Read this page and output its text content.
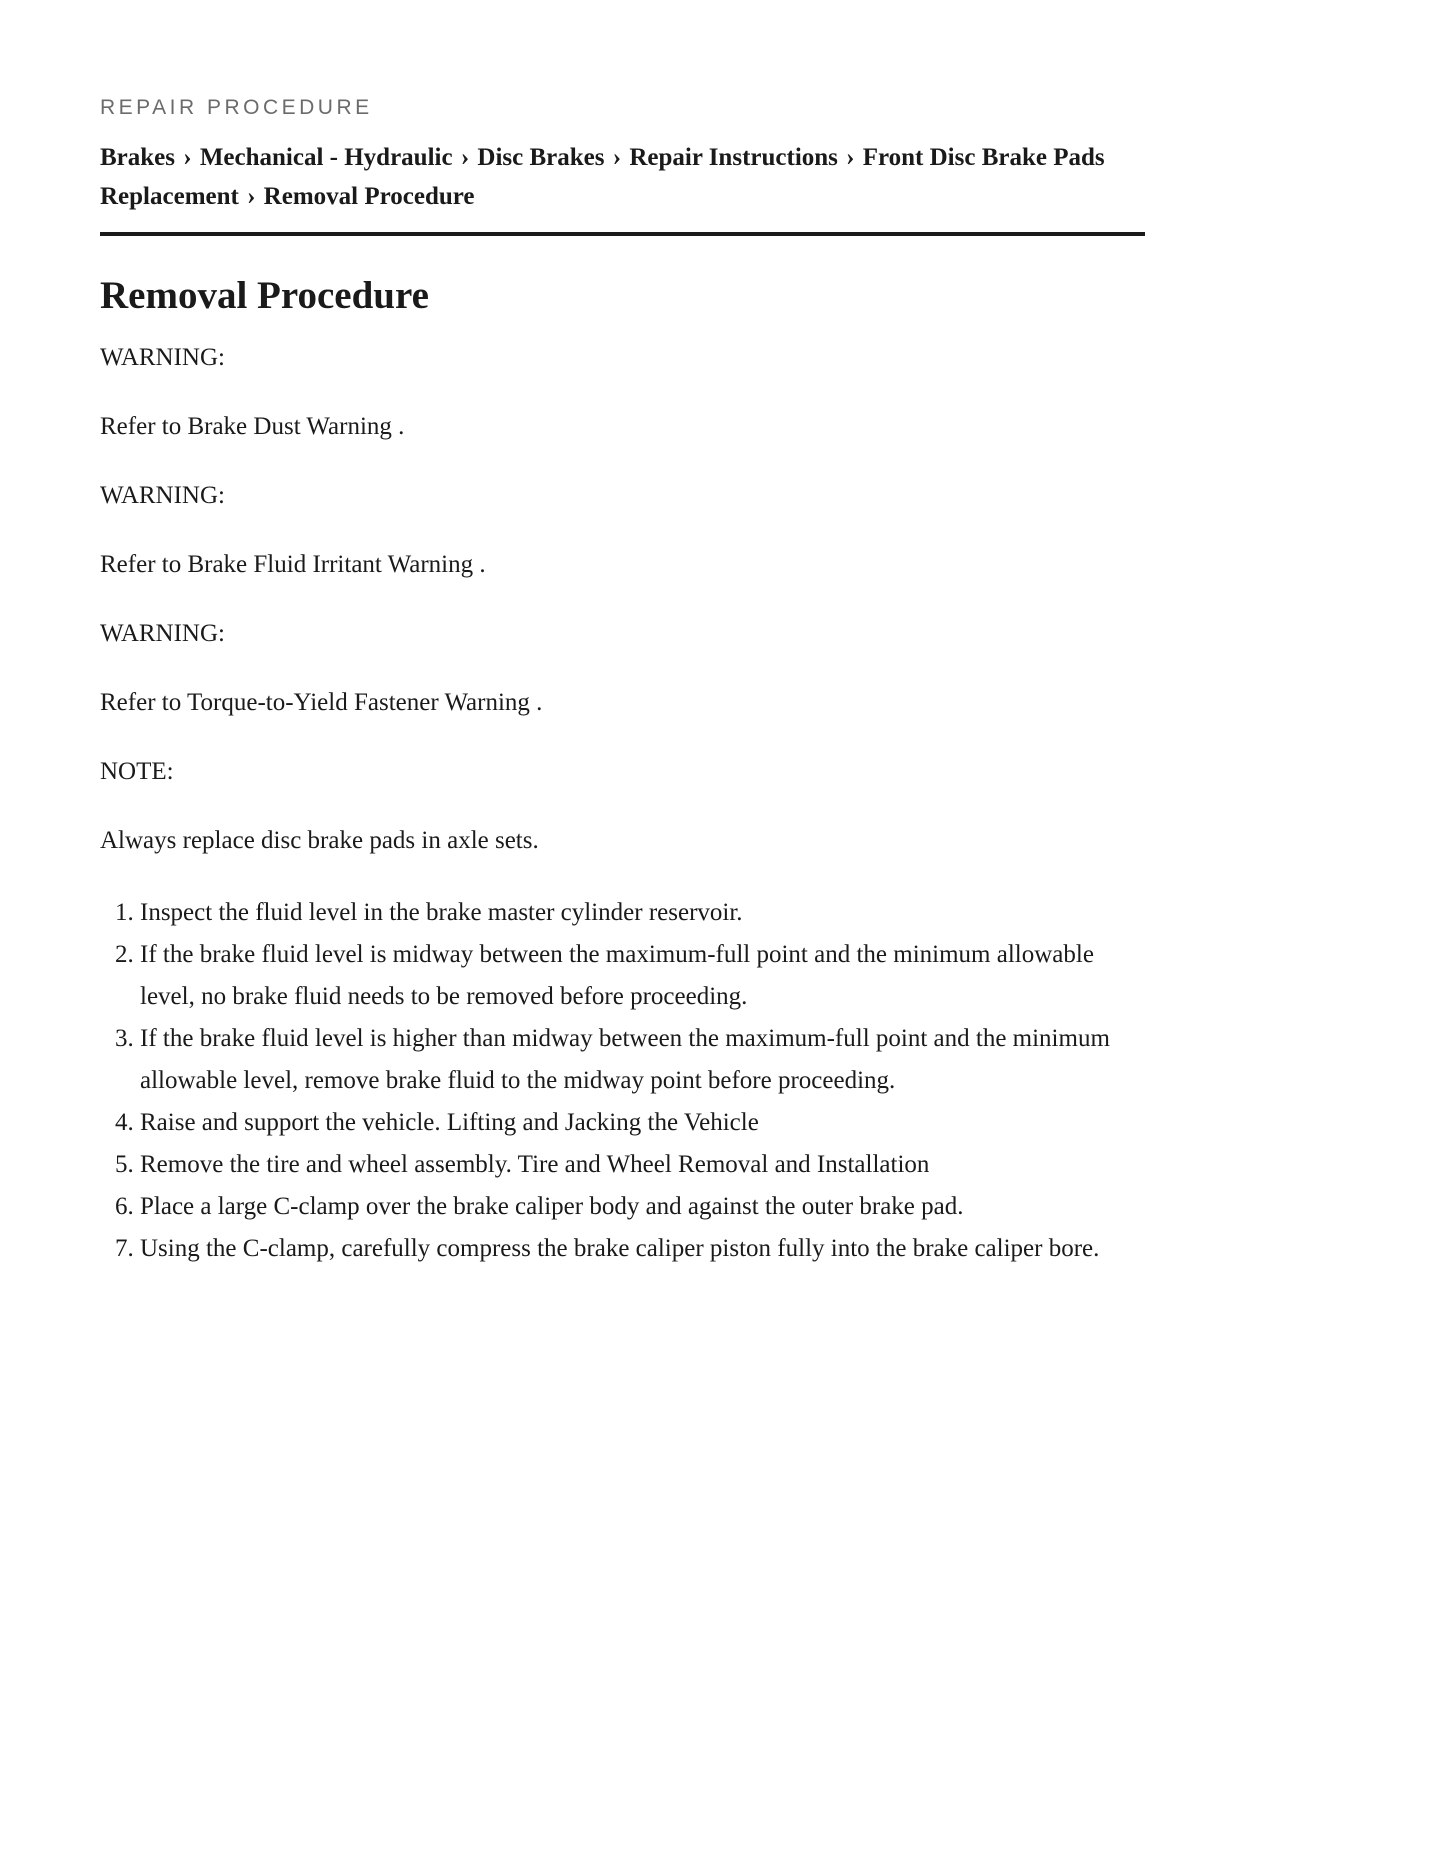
REPAIR PROCEDURE
Brakes › Mechanical - Hydraulic › Disc Brakes › Repair Instructions › Front Disc Brake Pads Replacement › Removal Procedure
Removal Procedure

WARNING:

Refer to Brake Dust Warning .

WARNING:

Refer to Brake Fluid Irritant Warning .

WARNING:

Refer to Torque-to-Yield Fastener Warning .

NOTE:

Always replace disc brake pads in axle sets.

1. Inspect the fluid level in the brake master cylinder reservoir.
2. If the brake fluid level is midway between the maximum-full point and the minimum allowable level, no brake fluid needs to be removed before proceeding.
3. If the brake fluid level is higher than midway between the maximum-full point and the minimum allowable level, remove brake fluid to the midway point before proceeding.
4. Raise and support the vehicle. Lifting and Jacking the Vehicle
5. Remove the tire and wheel assembly. Tire and Wheel Removal and Installation
6. Place a large C-clamp over the brake caliper body and against the outer brake pad.
7. Using the C-clamp, carefully compress the brake caliper piston fully into the brake caliper bore.
